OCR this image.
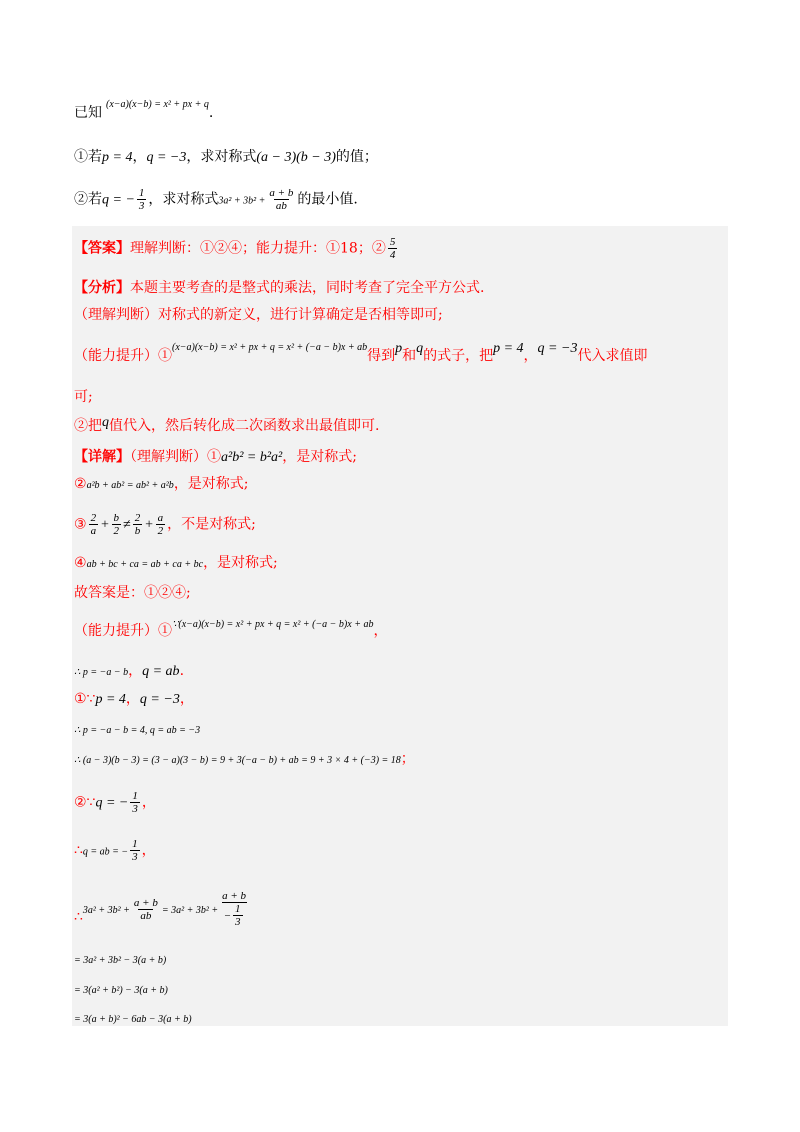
已知$^{(x-a)(x-b) = x^2 + px + q}$.
①若p = 4，q = −3，求对称式(a − 3)(b − 3)的值；
②若q = − $\frac{1}{3}$ ，求对称式$3a^2 + 3b^2 + \frac{a + b}{ab}$ 的最小值.
【答案】理解判断：①②④；能力提升：①18；② $\frac{5}{4}$
【分析】本题主要考查的是整式的乘法，同时考查了完全平方公式.
（理解判断）对称式的新定义，进行计算确定是否相等即可;
（能力提升）①$^{(x-a)(x-b) = x^2 + px + q = x^2 + (-a - b)x + ab}$得到p和q的式子，把p = 4，q = −3代入求值即
可;
②把q值代入，然后转化成二次函数求出最值即可.
【详解】（理解判断）①a²b² = b²a²，是对称式;
②a²b + ab² = ab² + a²b，是对称式;
③ $\frac{2}{a} + \frac{b}{2} \ne \frac{2}{b} + \frac{a}{2}$ ，不是对称式;
④ab + bc + ca = ab + ca + bc，是对称式;
故答案是：①②④;
（能力提升）①$^{\because(x-a)(x-b) = x^2 + px + q = x^2 + (-a - b)x + ab}$，
∴ p = −a − b，q = ab.
①∵p = 4，q = −3，
∴ p = −a − b = 4, q = ab = −3
∴ (a − 3)(b − 3) = (3 − a)(3 − b) = 9 + 3(−a − b) + ab = 9 + 3 × 4 + (−3) = 18；
②∵q = − $\frac{1}{3}$ ，
∴q = ab = − $\frac{1}{3}$ ，
∴3a² + $3b^2 + \frac{a + b}{ab} = 3a^2 + 3b^2 + \frac{a + b}{- \frac{1}{3}}$
= 3a² + 3b² − 3(a + b)
= 3(a² + b²) − 3(a + b)
= 3(a + b)² − 6ab − 3(a + b)
